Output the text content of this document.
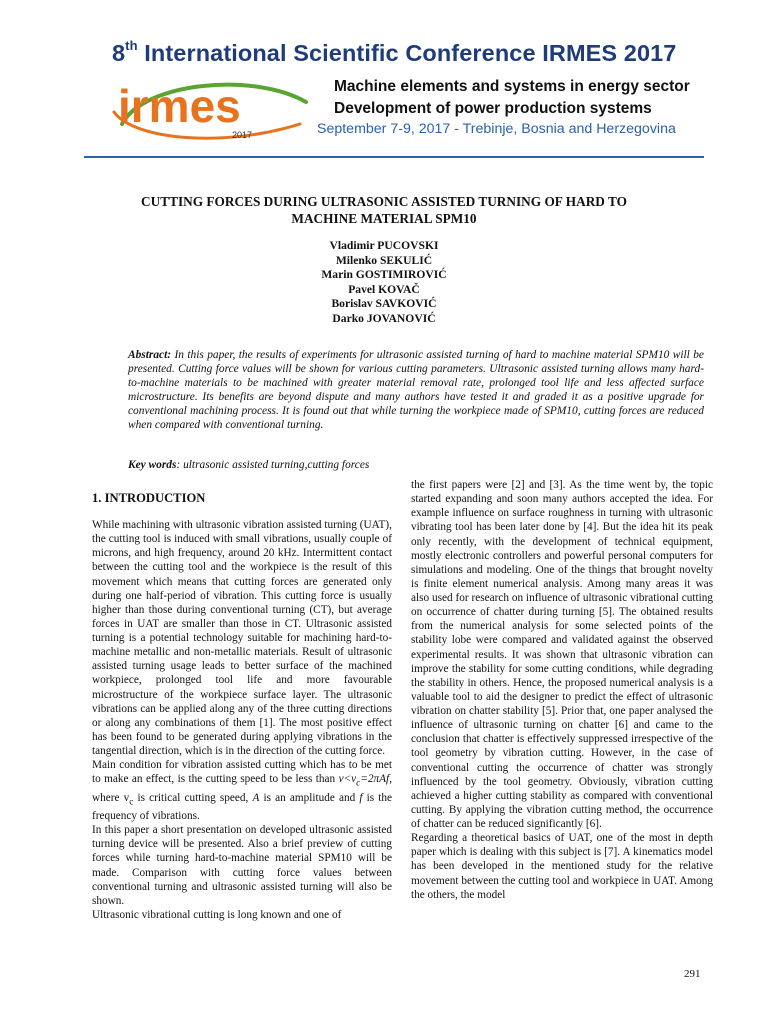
8th International Scientific Conference IRMES 2017
irmes
2017
Machine elements and systems in energy sector
Development of power production systems
September 7-9, 2017 - Trebinje, Bosnia and Herzegovina
CUTTING FORCES DURING ULTRASONIC ASSISTED TURNING OF HARD TO
MACHINE MATERIAL SPM10
Vladimir PUCOVSKI
Milenko SEKULIĆ
Marin GOSTIMIROVIĆ
Pavel KOVAČ
Borislav SAVKOVIĆ
Darko JOVANOVIĆ
Abstract: In this paper, the results of experiments for ultrasonic assisted turning of hard to machine material SPM10 will be presented. Cutting force values will be shown for various cutting parameters. Ultrasonic assisted turning allows many hard-to-machine materials to be machined with greater material removal rate, prolonged tool life and less affected surface microstructure. Its benefits are beyond dispute and many authors have tested it and graded it as a positive upgrade for conventional machining process. It is found out that while turning the workpiece made of SPM10, cutting forces are reduced when compared with conventional turning.
Key words: ultrasonic assisted turning,cutting forces
1. INTRODUCTION

While machining with ultrasonic vibration assisted turning (UAT), the cutting tool is induced with small vibrations, usually couple of microns, and high frequency, around 20 kHz. Intermittent contact between the cutting tool and the workpiece is the result of this movement which means that cutting forces are generated only during one half-period of vibration. This cutting force is usually higher than those during conventional turning (CT), but average forces in UAT are smaller than those in CT. Ultrasonic assisted turning is a potential technology suitable for machining hard-to-machine metallic and non-metallic materials. Result of ultrasonic assisted turning usage leads to better surface of the machined workpiece, prolonged tool life and more favourable microstructure of the workpiece surface layer. The ultrasonic vibrations can be applied along any of the three cutting directions or along any combinations of them [1]. The most positive effect has been found to be generated during applying vibrations in the tangential direction, which is in the direction of the cutting force.

Main condition for vibration assisted cutting which has to be met to make an effect, is the cutting speed to be less than $v<v_c=2\pi Af$, where $v_c$ is critical cutting speed, A is an amplitude and f is the frequency of vibrations.

In this paper a short presentation on developed ultrasonic assisted turning device will be presented. Also a brief preview of cutting forces while turning hard-to-machine material SPM10 will be made. Comparison with cutting force values between conventional turning and ultrasonic assisted turning will also be shown.

Ultrasonic vibrational cutting is long known and one of

the first papers were [2] and [3]. As the time went by, the topic started expanding and soon many authors accepted the idea. For example influence on surface roughness in turning with ultrasonic vibrating tool has been later done by [4]. But the idea hit its peak only recently, with the development of technical equipment, mostly electronic controllers and powerful personal computers for simulations and modeling. One of the things that brought novelty is finite element numerical analysis. Among many areas it was also used for research on influence of ultrasonic vibrational cutting on occurrence of chatter during turning [5]. The obtained results from the numerical analysis for some selected points of the stability lobe were compared and validated against the observed experimental results. It was shown that ultrasonic vibration can improve the stability for some cutting conditions, while degrading the stability in others. Hence, the proposed numerical analysis is a valuable tool to aid the designer to predict the effect of ultrasonic vibration on chatter stability [5]. Prior that, one paper analysed the influence of ultrasonic turning on chatter [6] and came to the conclusion that chatter is effectively suppressed irrespective of the tool geometry by vibration cutting. However, in the case of conventional cutting the occurrence of chatter was strongly influenced by the tool geometry. Obviously, vibration cutting achieved a higher cutting stability as compared with conventional cutting. By applying the vibration cutting method, the occurrence of chatter can be reduced significantly [6].

Regarding a theoretical basics of UAT, one of the most in depth paper which is dealing with this subject is [7]. A kinematics model has been developed in the mentioned study for the relative movement between the cutting tool and workpiece in UAT. Among the others, the model

291
